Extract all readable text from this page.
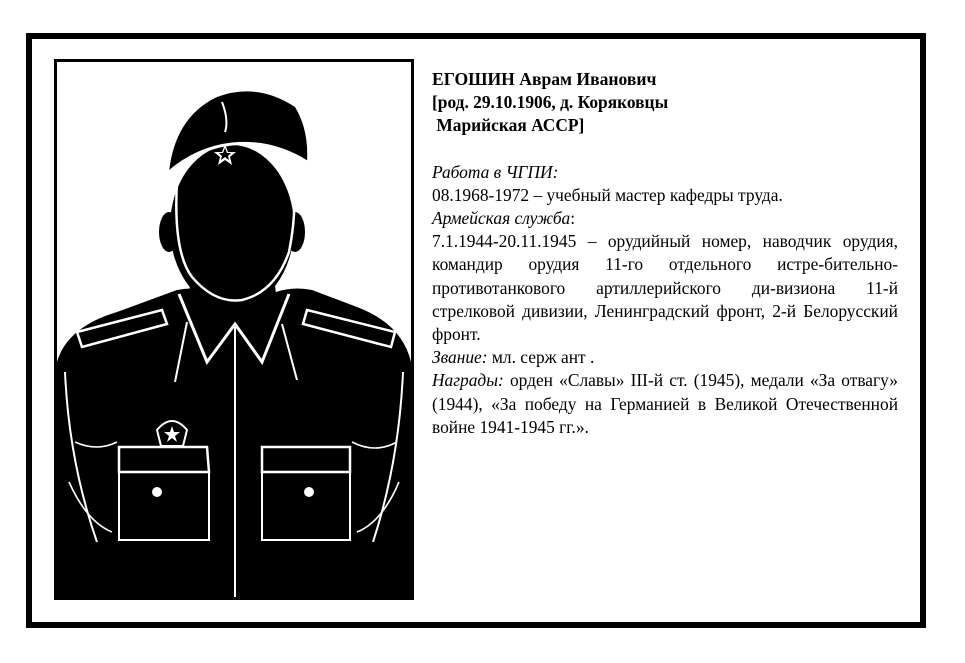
ЕГОШИН Аврам Иванович
[род. 29.10.1906, д. Коряковцы
Марийская АССР]
Работа в ЧГПИ:
08.1968-1972 – учебный мастер кафедры труда.
Армейская служба:
7.1.1944-20.11.1945 – орудийный номер, наводчик орудия, командир орудия 11-го отдельного истре-бительно-противотанкового артиллерийского ди-визиона 11-й стрелковой дивизии, Ленинградский фронт, 2-й Белорусский фронт.
Звание: мл. серж ант .
Награды: орден «Славы» III-й ст. (1945), медали «За отвагу» (1944), «За победу на Германией в Великой Отечественной войне 1941-1945 гг.».
